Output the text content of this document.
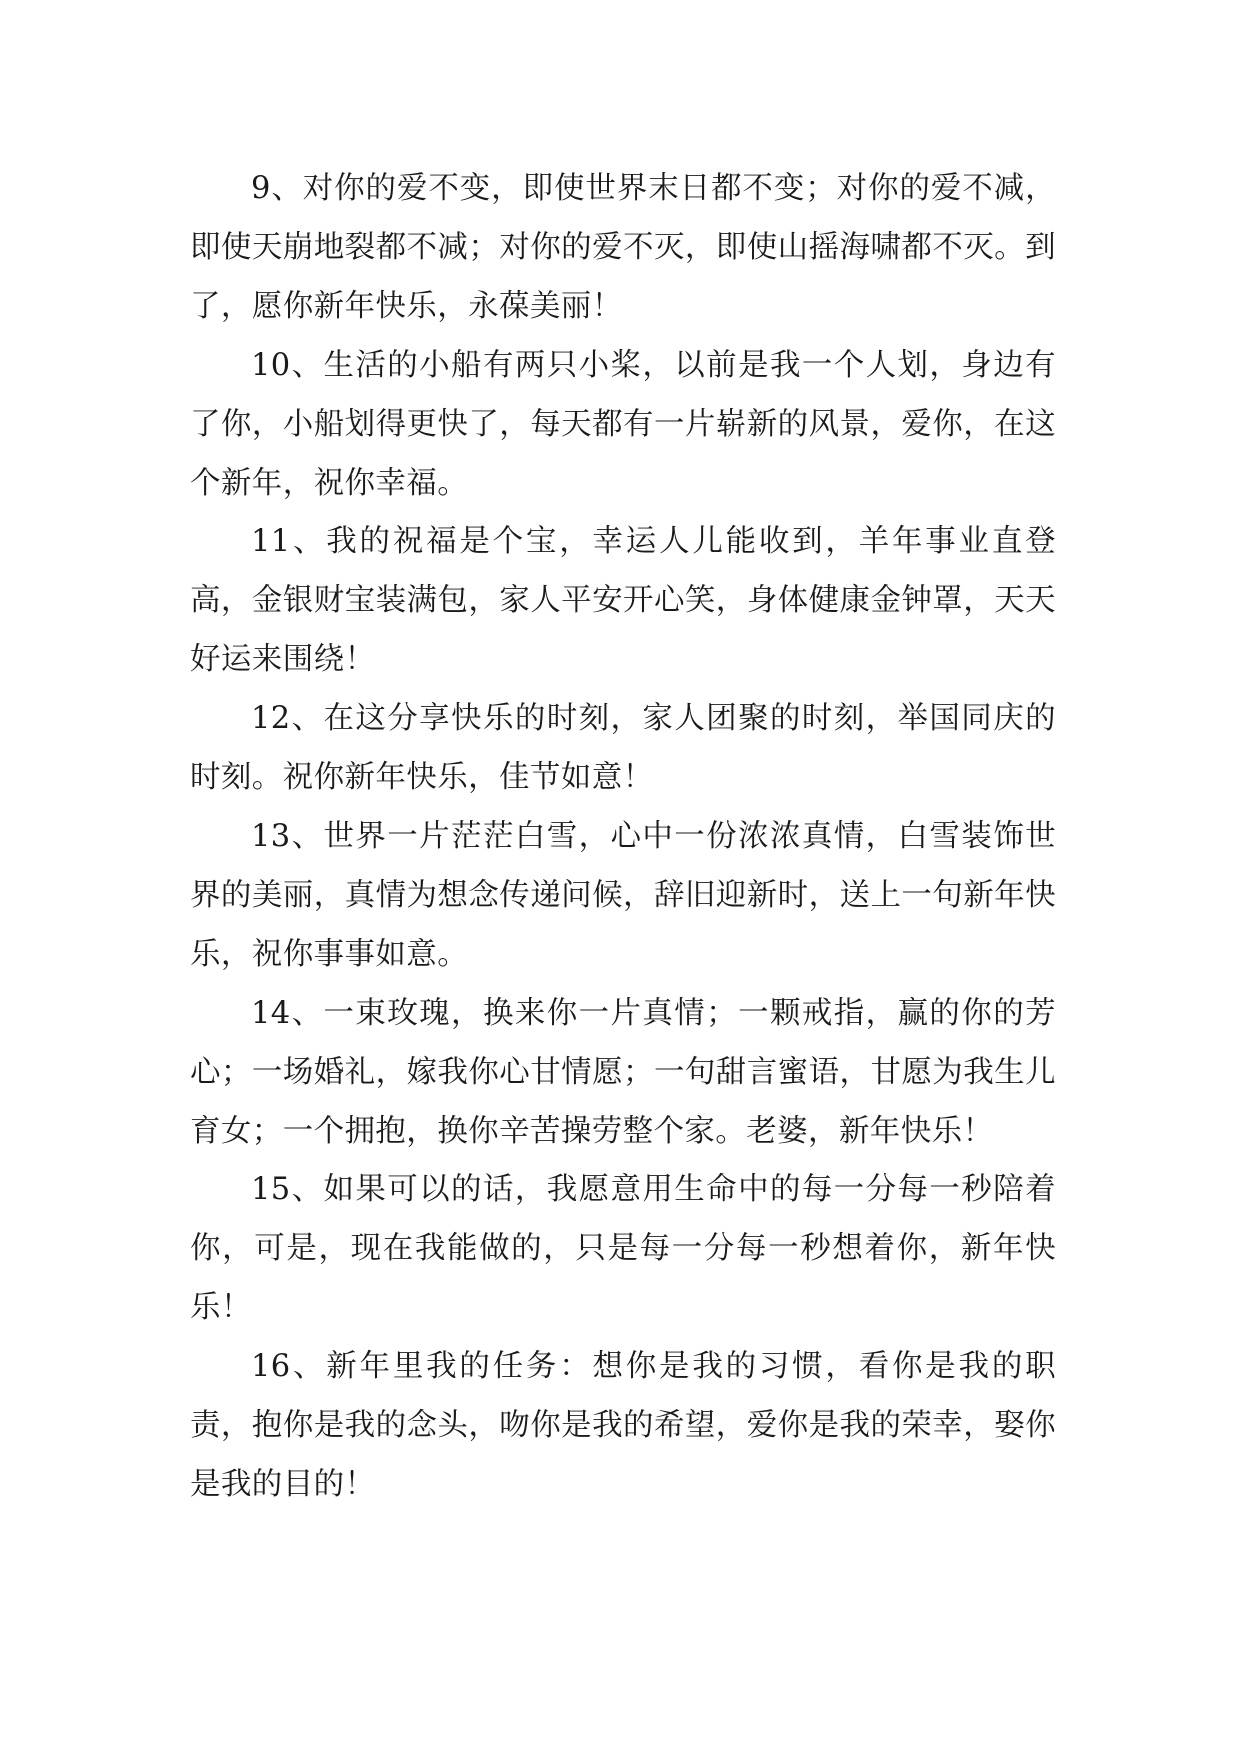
9、对你的爱不变，即使世界末日都不变；对你的爱不减，即使天崩地裂都不减；对你的爱不灭，即使山摇海啸都不灭。到了，愿你新年快乐，永葆美丽！

10、生活的小船有两只小桨，以前是我一个人划，身边有了你，小船划得更快了，每天都有一片崭新的风景，爱你，在这个新年，祝你幸福。

11、我的祝福是个宝，幸运人儿能收到，羊年事业直登高，金银财宝装满包，家人平安开心笑，身体健康金钟罩，天天好运来围绕！

12、在这分享快乐的时刻，家人团聚的时刻，举国同庆的时刻。祝你新年快乐，佳节如意！

13、世界一片茫茫白雪，心中一份浓浓真情，白雪装饰世界的美丽，真情为想念传递问候，辞旧迎新时，送上一句新年快乐，祝你事事如意。

14、一束玫瑰，换来你一片真情；一颗戒指，赢的你的芳心；一场婚礼，嫁我你心甘情愿；一句甜言蜜语，甘愿为我生儿育女；一个拥抱，换你辛苦操劳整个家。老婆，新年快乐！

15、如果可以的话，我愿意用生命中的每一分每一秒陪着你，可是，现在我能做的，只是每一分每一秒想着你，新年快乐！

16、新年里我的任务：想你是我的习惯，看你是我的职责，抱你是我的念头，吻你是我的希望，爱你是我的荣幸，娶你是我的目的！
